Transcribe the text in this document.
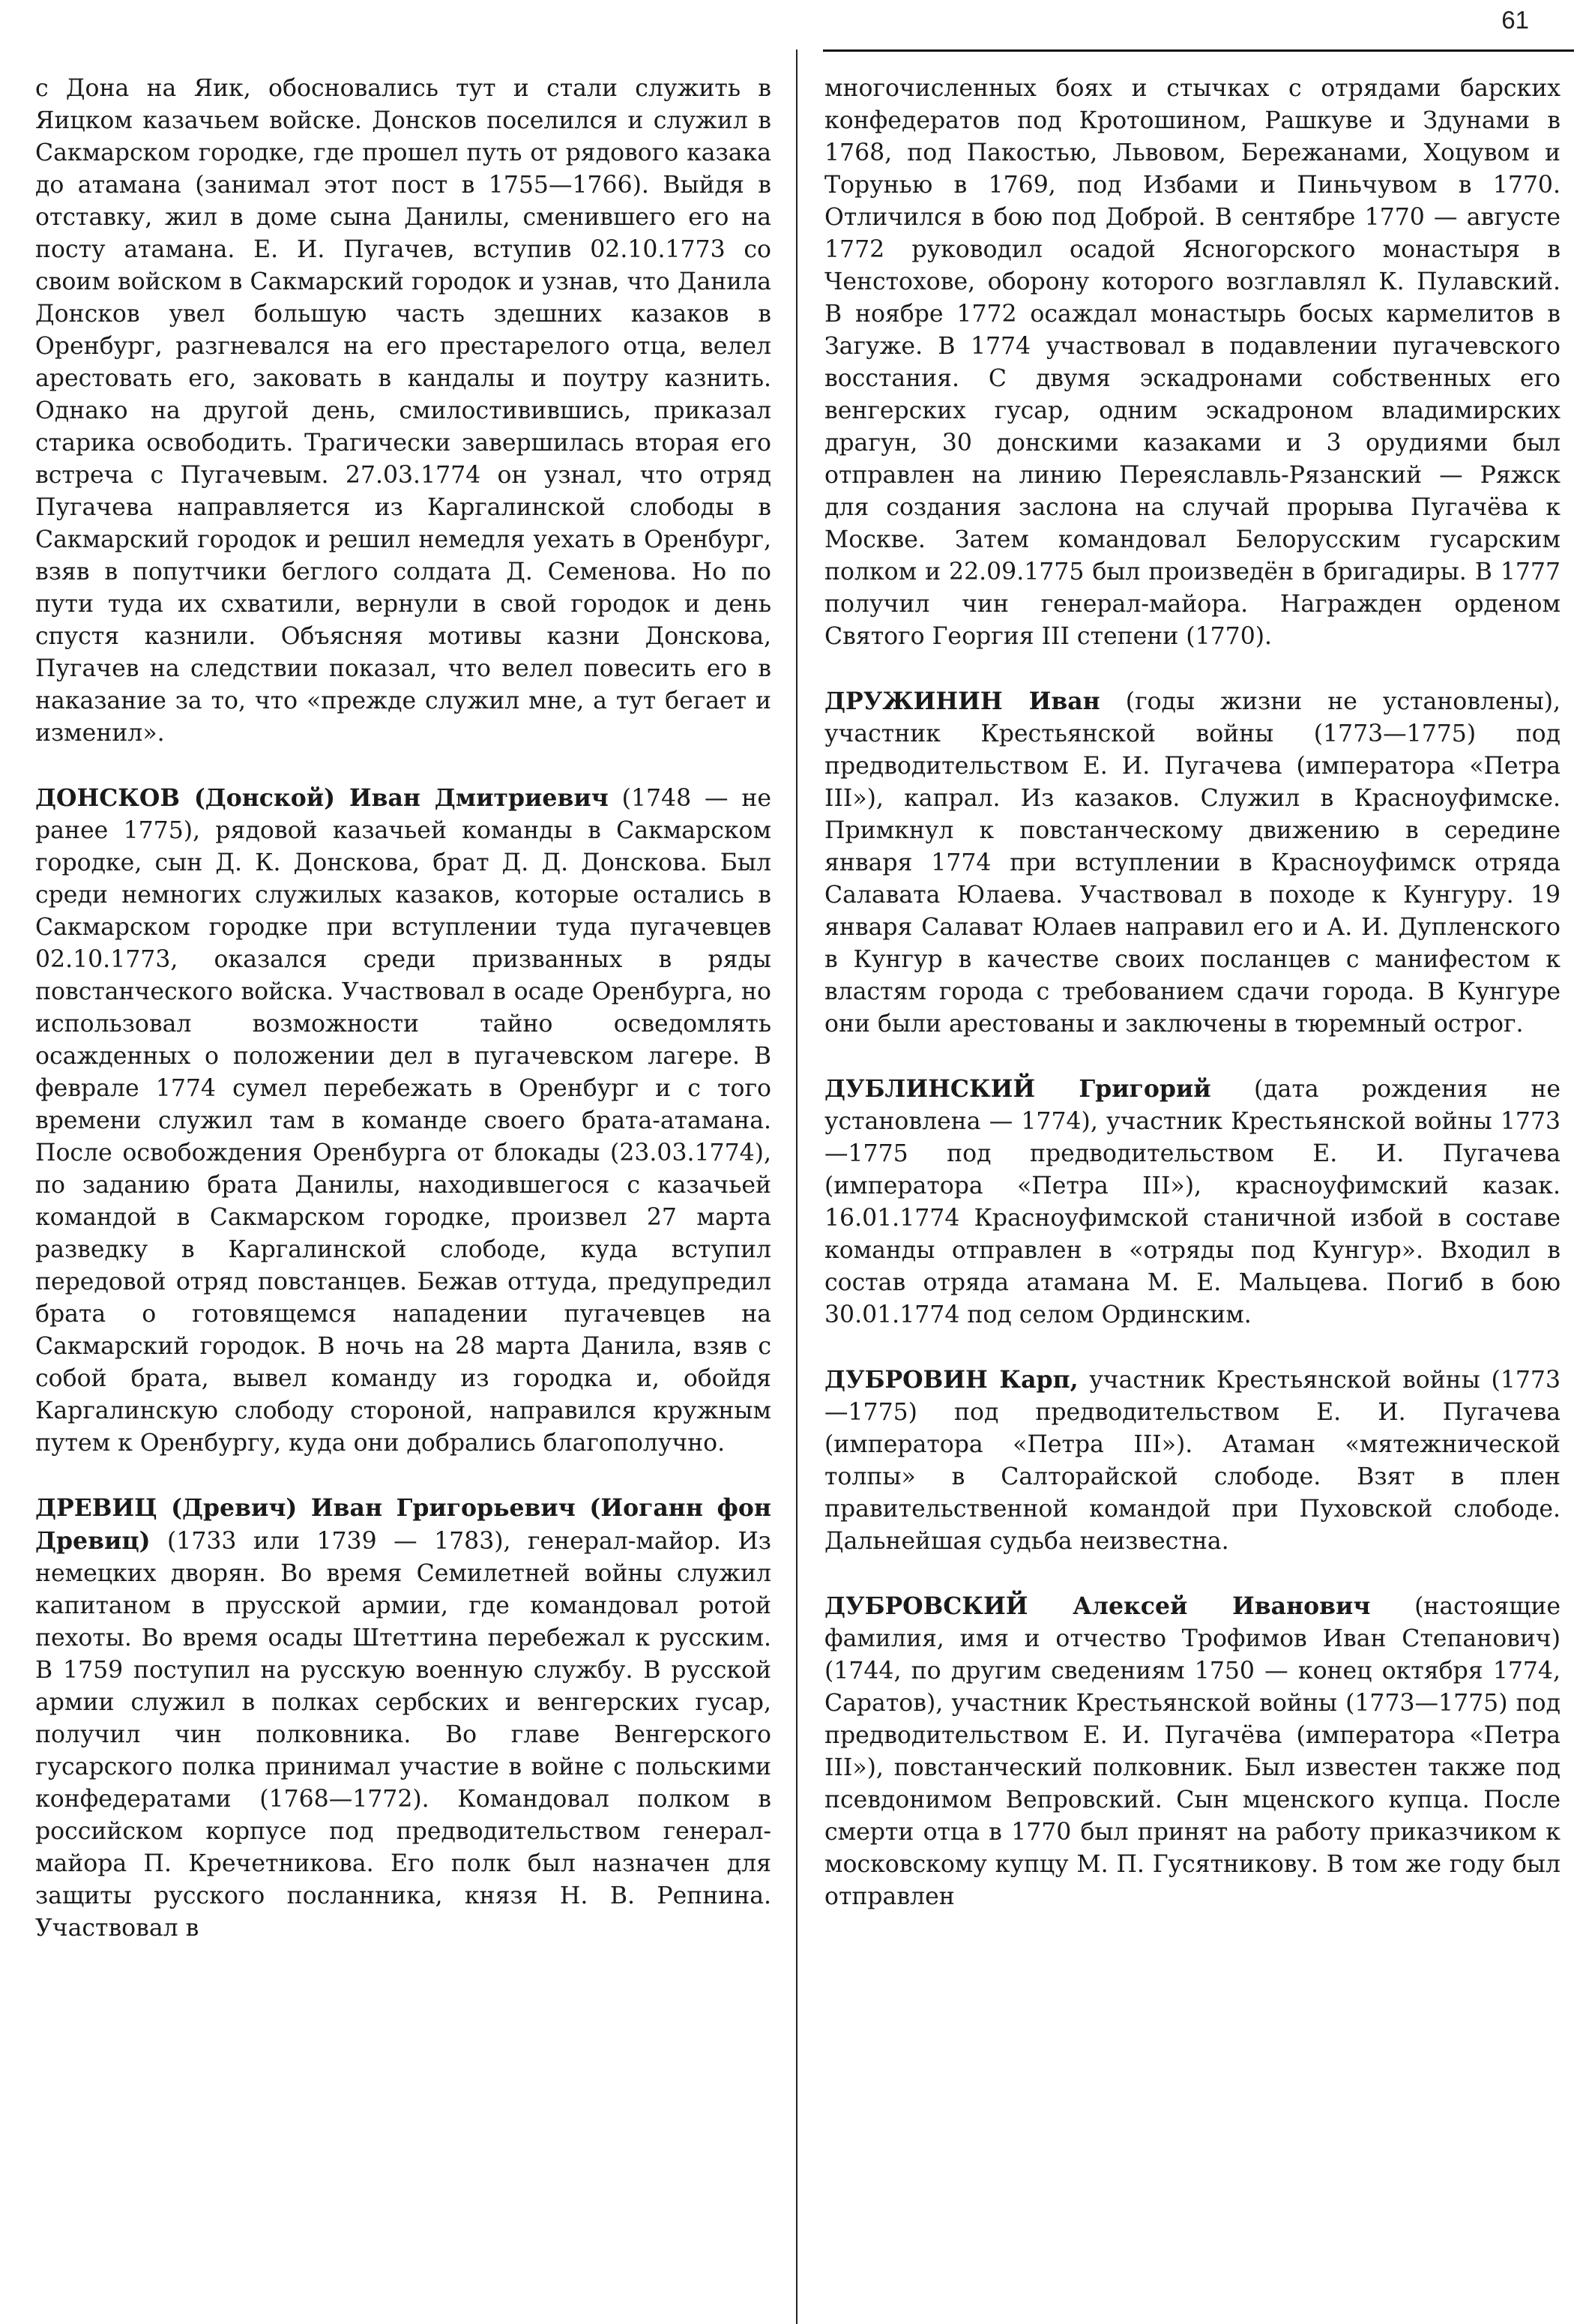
61

с Дона на Яик, обосновались тут и стали служить в Яицком казачьем войске. Донсков поселился и служил в Сакмарском городке, где прошел путь от рядового казака до атамана (занимал этот пост в 1755—1766). Выйдя в отставку, жил в доме сына Данилы, сменившего его на посту атамана. Е. И. Пугачев, вступив 02.10.1773 со своим войском в Сакмарский городок и узнав, что Данила Донсков увел большую часть здешних казаков в Оренбург, разгневался на его престарелого отца, велел арестовать его, заковать в кандалы и поутру казнить. Однако на другой день, смилостивившись, приказал старика освободить. Трагически завершилась вторая его встреча с Пугачевым. 27.03.1774 он узнал, что отряд Пугачева направляется из Каргалинской слободы в Сакмарский городок и решил немедля уехать в Оренбург, взяв в попутчики беглого солдата Д. Семенова. Но по пути туда их схватили, вернули в свой городок и день спустя казнили. Объясняя мотивы казни Донскова, Пугачев на следствии показал, что велел повесить его в наказание за то, что «прежде служил мне, а тут бегает и изменил».

ДОНСКОВ (Донской) Иван Дмитриевич (1748 — не ранее 1775), рядовой казачьей команды в Сакмарском городке, сын Д. К. Донскова, брат Д. Д. Донскова. Был среди немногих служилых казаков, которые остались в Сакмарском городке при вступлении туда пугачевцев 02.10.1773, оказался среди призванных в ряды повстанческого войска. Участвовал в осаде Оренбурга, но использовал возможности тайно осведомлять осажденных о положении дел в пугачевском лагере. В феврале 1774 сумел перебежать в Оренбург и с того времени служил там в команде своего брата-атамана. После освобождения Оренбурга от блокады (23.03.1774), по заданию брата Данилы, находившегося с казачьей командой в Сакмарском городке, произвел 27 марта разведку в Каргалинской слободе, куда вступил передовой отряд повстанцев. Бежав оттуда, предупредил брата о готовящемся нападении пугачевцев на Сакмарский городок. В ночь на 28 марта Данила, взяв с собой брата, вывел команду из городка и, обойдя Каргалинскую слободу стороной, направился кружным путем к Оренбургу, куда они добрались благополучно.

ДРЕВИЦ (Древич) Иван Григорьевич (Иоганн фон Древиц) (1733 или 1739 — 1783), генерал-майор. Из немецких дворян. Во время Семилетней войны служил капитаном в прусской армии, где командовал ротой пехоты. Во время осады Штеттина перебежал к русским. В 1759 поступил на русскую военную службу. В русской армии служил в полках сербских и венгерских гусар, получил чин полковника. Во главе Венгерского гусарского полка принимал участие в войне с польскими конфедератами (1768—1772). Командовал полком в российском корпусе под предводительством генерал-майора П. Кречетникова. Его полк был назначен для защиты русского посланника, князя Н. В. Репнина. Участвовал в

многочисленных боях и стычках с отрядами барских конфедератов под Кротошином, Рашкуве и Здунами в 1768, под Пакостью, Львовом, Бережанами, Хоцувом и Торунью в 1769, под Избами и Пиньчувом в 1770. Отличился в бою под Доброй. В сентябре 1770 — августе 1772 руководил осадой Ясногорского монастыря в Ченстохове, оборону которого возглавлял К. Пулавский. В ноябре 1772 осаждал монастырь босых кармелитов в Загуже. В 1774 участвовал в подавлении пугачевского восстания. С двумя эскадронами собственных его венгерских гусар, одним эскадроном владимирских драгун, 30 донскими казаками и 3 орудиями был отправлен на линию Переяславль-Рязанский — Ряжск для создания заслона на случай прорыва Пугачёва к Москве. Затем командовал Белорусским гусарским полком и 22.09.1775 был произведён в бригадиры. В 1777 получил чин генерал-майора. Награжден орденом Святого Георгия III степени (1770).

ДРУЖИНИН Иван (годы жизни не установлены), участник Крестьянской войны (1773—1775) под предводительством Е. И. Пугачева (императора «Петра III»), капрал. Из казаков. Служил в Красноуфимске. Примкнул к повстанческому движению в середине января 1774 при вступлении в Красноуфимск отряда Салавата Юлаева. Участвовал в походе к Кунгуру. 19 января Салават Юлаев направил его и А. И. Дупленского в Кунгур в качестве своих посланцев с манифестом к властям города с требованием сдачи города. В Кунгуре они были арестованы и заключены в тюремный острог.

ДУБЛИНСКИЙ Григорий (дата рождения не установлена — 1774), участник Крестьянской войны 1773—1775 под предводительством Е. И. Пугачева (императора «Петра III»), красноуфимский казак. 16.01.1774 Красноуфимской станичной избой в составе команды отправлен в «отряды под Кунгур». Входил в состав отряда атамана М. Е. Мальцева. Погиб в бою 30.01.1774 под селом Ординским.

ДУБРОВИН Карп, участник Крестьянской войны (1773—1775) под предводительством Е. И. Пугачева (императора «Петра III»). Атаман «мятежнической толпы» в Салторайской слободе. Взят в плен правительственной командой при Пуховской слободе. Дальнейшая судьба неизвестна.

ДУБРОВСКИЙ Алексей Иванович (настоящие фамилия, имя и отчество Трофимов Иван Степанович) (1744, по другим сведениям 1750 — конец октября 1774, Саратов), участник Крестьянской войны (1773—1775) под предводительством Е. И. Пугачёва (императора «Петра III»), повстанческий полковник. Был известен также под псевдонимом Вепровский. Сын мценского купца. После смерти отца в 1770 был принят на работу приказчиком к московскому купцу М. П. Гусятникову. В том же году был отправлен
